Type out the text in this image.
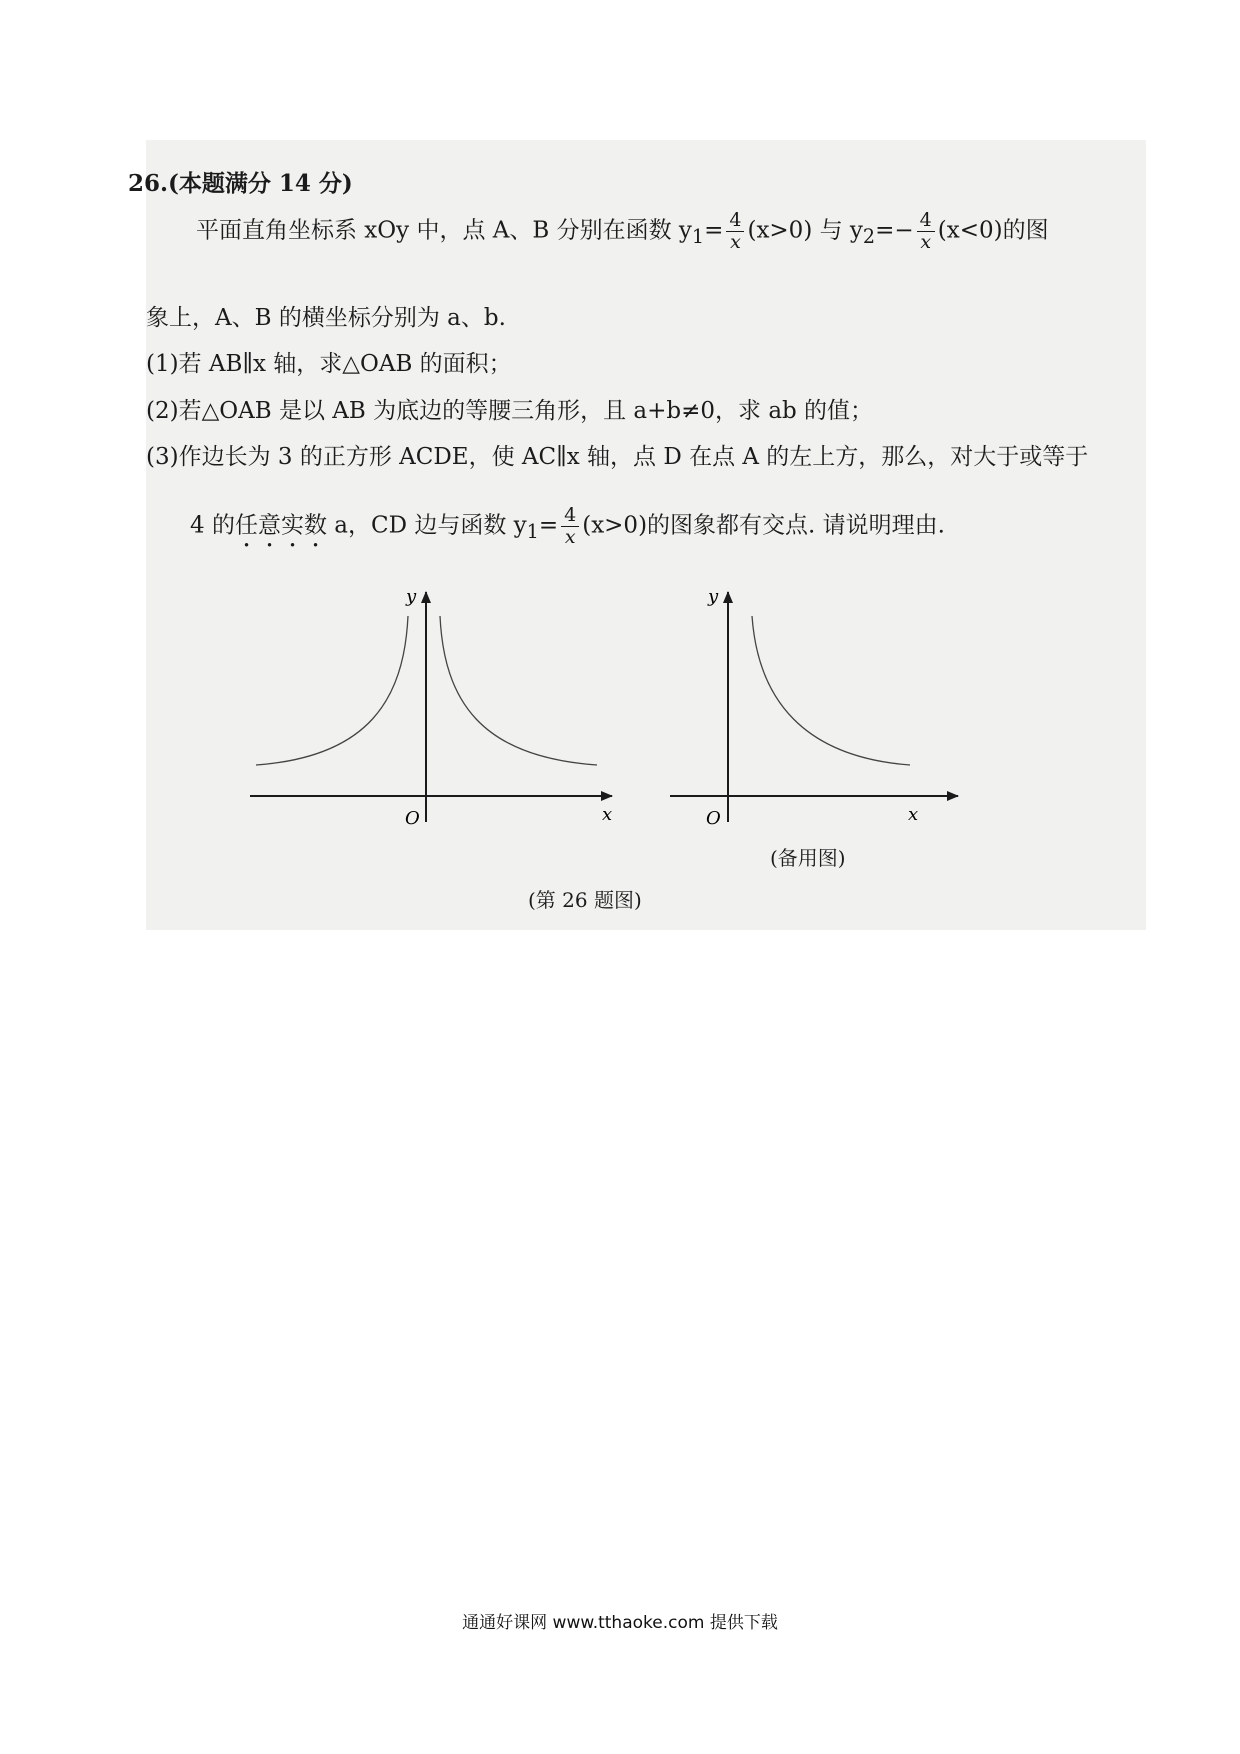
26.(本题满分 14 分)
平面直角坐标系 xOy 中，点 A、B 分别在函数 $y_1= \frac{4}{x} (x>0)$ 与 $y_2=- \frac{4}{x} (x<0)$的图
象上，A、B 的横坐标分别为 a、b.
(1)若 AB∥x 轴，求△OAB 的面积；
(2)若△OAB 是以 AB 为底边的等腰三角形，且 a+b≠0，求 ab 的值；
(3)作边长为 3 的正方形 ACDE，使 AC∥x 轴，点 D 在点 A 的左上方，那么，对大于或等于
4 的任意实数 a，CD 边与函数 $y_1= \frac{4}{x} (x>0)$的图象都有交点. 请说明理由.
y
x
O
y
x
O
(备用图)
(第 26 题图)
通通好课网 www.tthaoke.com 提供下载
